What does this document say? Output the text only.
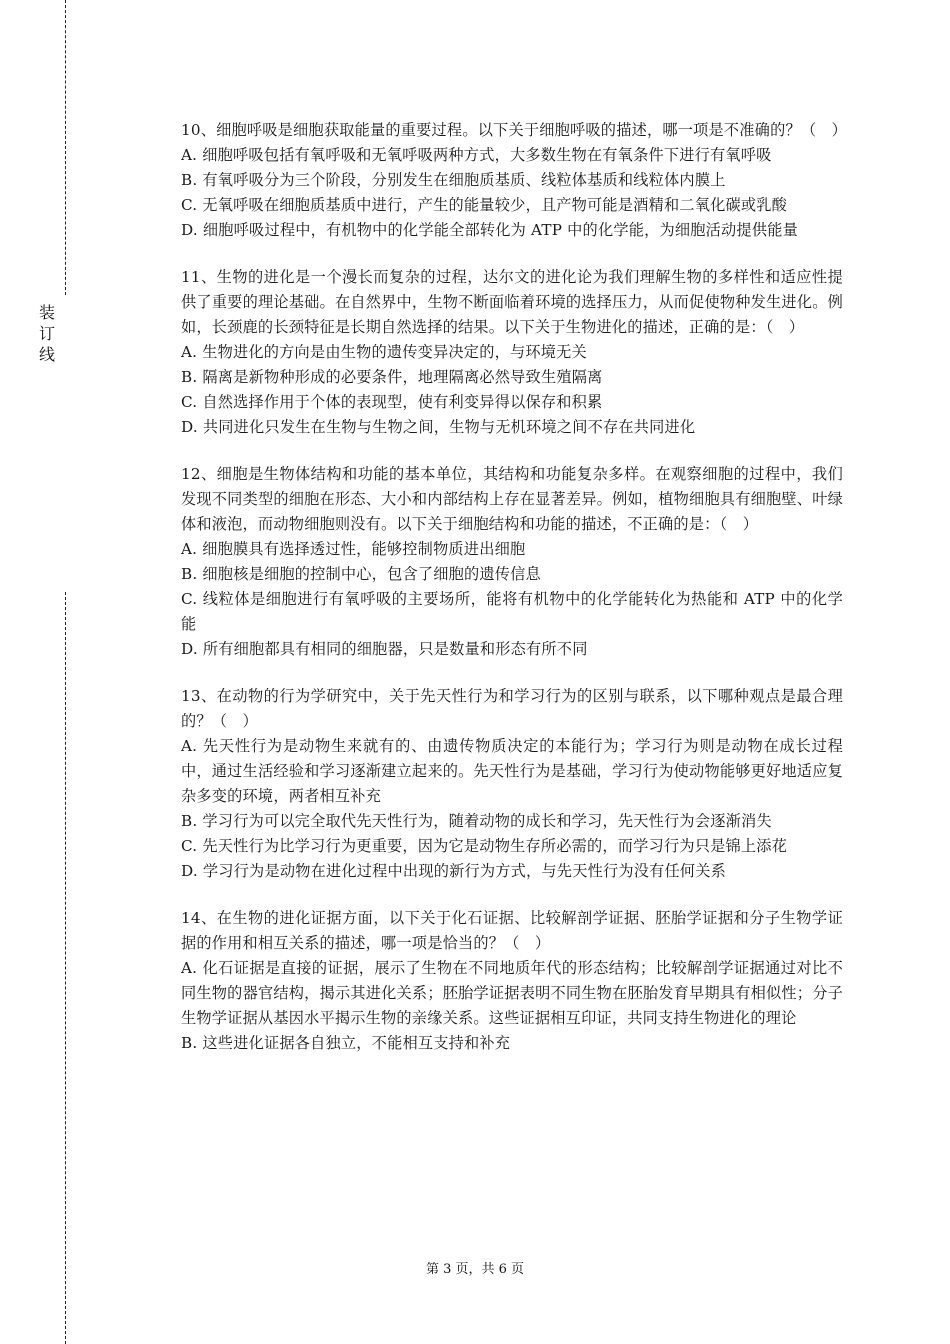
装
订
线

10、细胞呼吸是细胞获取能量的重要过程。以下关于细胞呼吸的描述，哪一项是不准确的？（　）

A. 细胞呼吸包括有氧呼吸和无氧呼吸两种方式，大多数生物在有氧条件下进行有氧呼吸

B. 有氧呼吸分为三个阶段，分别发生在细胞质基质、线粒体基质和线粒体内膜上

C. 无氧呼吸在细胞质基质中进行，产生的能量较少，且产物可能是酒精和二氧化碳或乳酸

D. 细胞呼吸过程中，有机物中的化学能全部转化为 ATP 中的化学能，为细胞活动提供能量

11、生物的进化是一个漫长而复杂的过程，达尔文的进化论为我们理解生物的多样性和适应性提供了重要的理论基础。在自然界中，生物不断面临着环境的选择压力，从而促使物种发生进化。例如，长颈鹿的长颈特征是长期自然选择的结果。以下关于生物进化的描述，正确的是：（　）

A. 生物进化的方向是由生物的遗传变异决定的，与环境无关

B. 隔离是新物种形成的必要条件，地理隔离必然导致生殖隔离

C. 自然选择作用于个体的表现型，使有利变异得以保存和积累

D. 共同进化只发生在生物与生物之间，生物与无机环境之间不存在共同进化

12、细胞是生物体结构和功能的基本单位，其结构和功能复杂多样。在观察细胞的过程中，我们发现不同类型的细胞在形态、大小和内部结构上存在显著差异。例如，植物细胞具有细胞壁、叶绿体和液泡，而动物细胞则没有。以下关于细胞结构和功能的描述，不正确的是：（　）

A. 细胞膜具有选择透过性，能够控制物质进出细胞

B. 细胞核是细胞的控制中心，包含了细胞的遗传信息

C. 线粒体是细胞进行有氧呼吸的主要场所，能将有机物中的化学能转化为热能和 ATP 中的化学能

D. 所有细胞都具有相同的细胞器，只是数量和形态有所不同

13、在动物的行为学研究中，关于先天性行为和学习行为的区别与联系，以下哪种观点是最合理的？（　）

A. 先天性行为是动物生来就有的、由遗传物质决定的本能行为；学习行为则是动物在成长过程中，通过生活经验和学习逐渐建立起来的。先天性行为是基础，学习行为使动物能够更好地适应复杂多变的环境，两者相互补充

B. 学习行为可以完全取代先天性行为，随着动物的成长和学习，先天性行为会逐渐消失

C. 先天性行为比学习行为更重要，因为它是动物生存所必需的，而学习行为只是锦上添花

D. 学习行为是动物在进化过程中出现的新行为方式，与先天性行为没有任何关系

14、在生物的进化证据方面，以下关于化石证据、比较解剖学证据、胚胎学证据和分子生物学证据的作用和相互关系的描述，哪一项是恰当的？（　）

A. 化石证据是直接的证据，展示了生物在不同地质年代的形态结构；比较解剖学证据通过对比不同生物的器官结构，揭示其进化关系；胚胎学证据表明不同生物在胚胎发育早期具有相似性；分子生物学证据从基因水平揭示生物的亲缘关系。这些证据相互印证，共同支持生物进化的理论

B. 这些进化证据各自独立，不能相互支持和补充

第 3 页，共 6 页
